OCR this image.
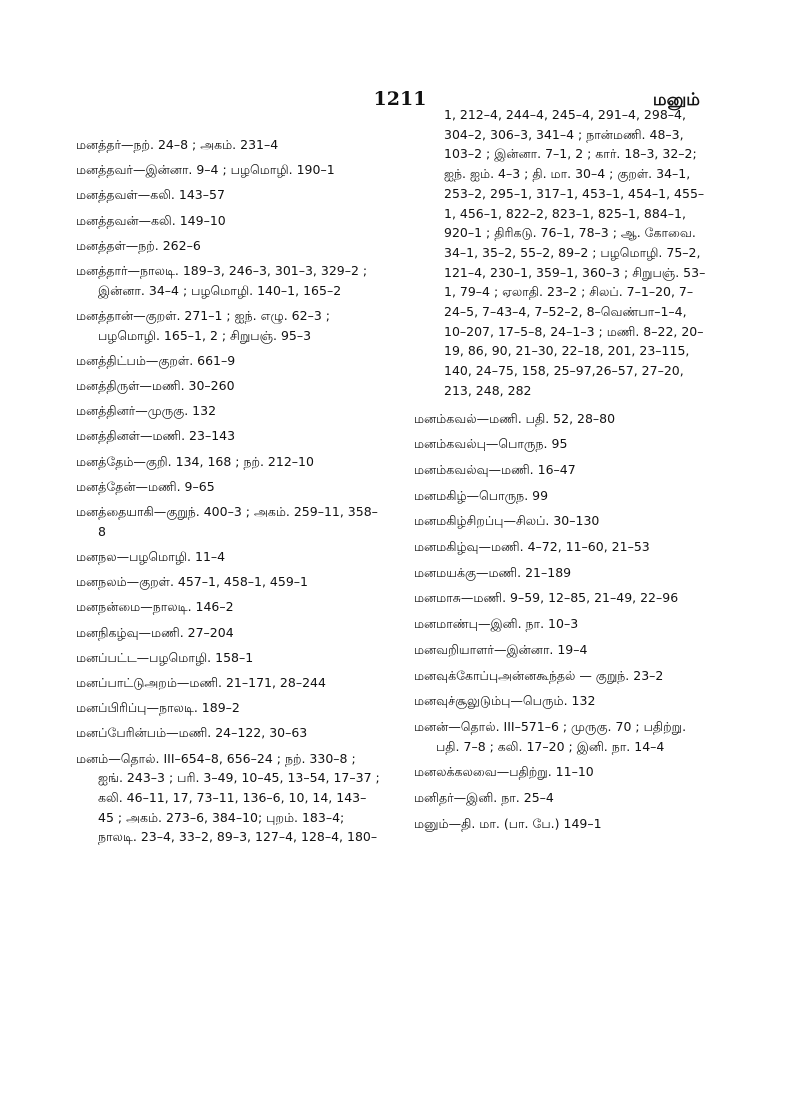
1211	மனும்
மனத்தர்—நற். 24–8 ; அகம். 231–4
மனத்தவர்—இன்னா. 9–4 ; பழமொழி. 190–1
மனத்தவள்—கலி. 143–57
மனத்தவன்—கலி. 149–10
மனத்தள்—நற். 262–6
மனத்தார்—நாலடி. 189–3, 246–3, 301–3, 329–2 ; இன்னா. 34–4 ; பழமொழி. 140–1, 165–2
மனத்தான்—குறள். 271–1 ; ஐந். எழு. 62–3 ; பழமொழி. 165–1, 2 ; சிறுபஞ். 95–3
மனத்திட்பம்—குறள். 661–9
மனத்திருள்—மணி. 30–260
மனத்தினர்—முருகு. 132
மனத்தினள்—மணி. 23–143
மனத்தேம்—குறி. 134, 168 ; நற். 212–10
மனத்தேன்—மணி. 9–65
மனத்தையாகி—குறுந். 400–3 ; அகம். 259–11, 358–8
மனநல—பழமொழி. 11–4
மனநலம்—குறள். 457–1, 458–1, 459–1
மனநன்மை—நாலடி. 146–2
மனநிகழ்வு—மணி. 27–204
மனப்பட்ட—பழமொழி. 158–1
மனப்பாட்டுஅறம்—மணி. 21–171, 28–244
மனப்பிரிப்பு—நாலடி. 189–2
மனப்பேரின்பம்—மணி. 24–122, 30–63
மனம்—தொல். III–654–8, 656–24 ; நற். 330–8 ; ஐங். 243–3 ; பரி. 3–49, 10–45, 13–54, 17–37 ; கலி. 46–11, 17, 73–11, 136–6, 10, 14, 143–45 ; அகம். 273–6, 384–10; புறம். 183–4; நாலடி. 23–4, 33–2, 89–3, 127–4, 128–4, 180–
1, 212–4, 244–4, 245–4, 291–4, 298–4, 304–2, 306–3, 341–4 ; நான்மணி. 48–3, 103–2 ; இன்னா. 7–1, 2 ; கார். 18–3, 32–2; ஐந். ஐம். 4–3 ; தி. மா. 30–4 ; குறள். 34–1, 253–2, 295–1, 317–1, 453–1, 454–1, 455–1, 456–1, 822–2, 823–1, 825–1, 884–1, 920–1 ; திரிகடு. 76–1, 78–3 ; ஆ. கோவை. 34–1, 35–2, 55–2, 89–2 ; பழமொழி. 75–2, 121–4, 230–1, 359–1, 360–3 ; சிறுபஞ். 53–1, 79–4 ; ஏலாதி. 23–2 ; சிலப். 7–1–20, 7–24–5, 7–43–4, 7–52–2, 8–வெண்பா–1–4, 10–207, 17–5–8, 24–1–3 ; மணி. 8–22, 20–19, 86, 90, 21–30, 22–18, 201, 23–115, 140, 24–75, 158, 25–97,26–57, 27–20, 213, 248, 282
மனம்கவல்—மணி. பதி. 52, 28–80
மனம்கவல்பு—பொருந. 95
மனம்கவல்வு—மணி. 16–47
மனமகிழ்—பொருந. 99
மனமகிழ்சிறப்பு—சிலப். 30–130
மனமகிழ்வு—மணி. 4–72, 11–60, 21–53
மனமயக்கு—மணி. 21–189
மனமாசு—மணி. 9–59, 12–85, 21–49, 22–96
மனமாண்பு—இனி. நா. 10–3
மனவறியாளர்—இன்னா. 19–4
மனவுக்கோப்புஅன்னகூந்தல் — குறுந். 23–2
மனவுச்சூலுடும்பு—பெரும். 132
மனன்—தொல். III–571–6 ; முருகு. 70 ; பதிற்று. பதி. 7–8 ; கலி. 17–20 ; இனி. நா. 14–4
மனலக்கலவை—பதிற்று. 11–10
மனிதர்—இனி. நா. 25–4
மனும்—தி. மா. (பா. பே.) 149–1
